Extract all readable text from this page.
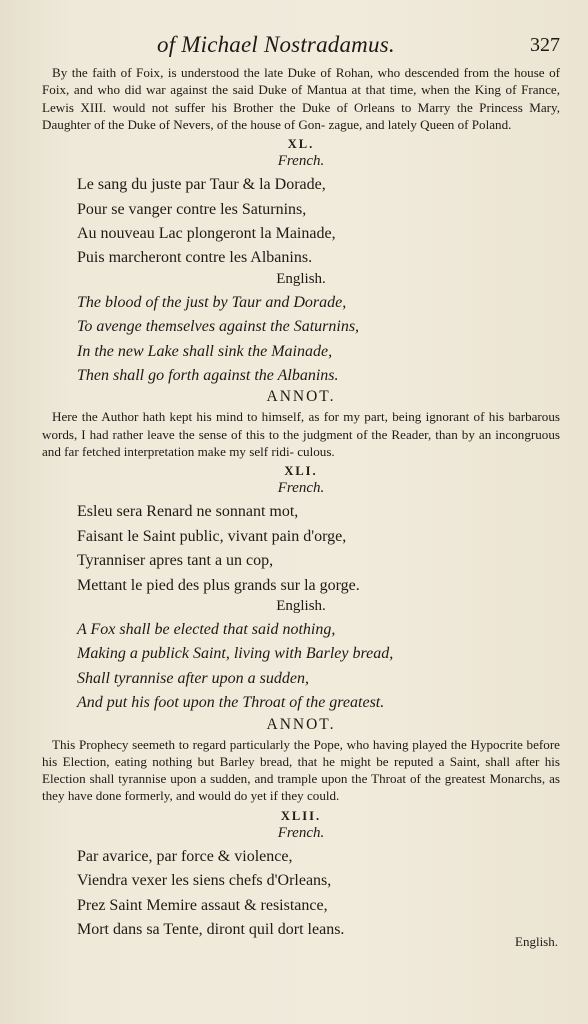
of Michael Nostradamus.	327

By the faith of Foix, is understood the late Duke of Rohan, who descended from the house of Foix, and who did war against the said Duke of Mantua at that time, when the King of France, Lewis XIII. would not suffer his Brother the Duke of Orleans to Marry the Princess Mary, Daughter of the Duke of Nevers, of the house of Gon- zague, and lately Queen of Poland.

XL.
French.
Le sang du juste par Taur & la Dorade,
Pour se vanger contre les Saturnins,
Au nouveau Lac plongeront la Mainade,
Puis marcheront contre les Albanins.
English.
The blood of the just by Taur and Dorade,
To avenge themselves against the Saturnins,
In the new Lake shall sink the Mainade,
Then shall go forth against the Albanins.
ANNOT.

Here the Author hath kept his mind to himself, as for my part, being ignorant of his barbarous words, I had rather leave the sense of this to the judgment of the Reader, than by an incongruous and far fetched interpretation make my self ridi- culous.

XLI.
French.
Esleu sera Renard ne sonnant mot,
Faisant le Saint public, vivant pain d'orge,
Tyranniser apres tant a un cop,
Mettant le pied des plus grands sur la gorge.
English.
A Fox shall be elected that said nothing,
Making a publick Saint, living with Barley bread,
Shall tyrannise after upon a sudden,
And put his foot upon the Throat of the greatest.
ANNOT.

This Prophecy seemeth to regard particularly the Pope, who having played the Hypocrite before his Election, eating nothing but Barley bread, that he might be reputed a Saint, shall after his Election shall tyrannise upon a sudden, and trample upon the Throat of the greatest Monarchs, as they have done formerly, and would do yet if they could.

XLII.
French.
Par avarice, par force & violence,
Viendra vexer les siens chefs d'Orleans,
Prez Saint Memire assaut & resistance,
Mort dans sa Tente, diront quil dort leans.
English.
